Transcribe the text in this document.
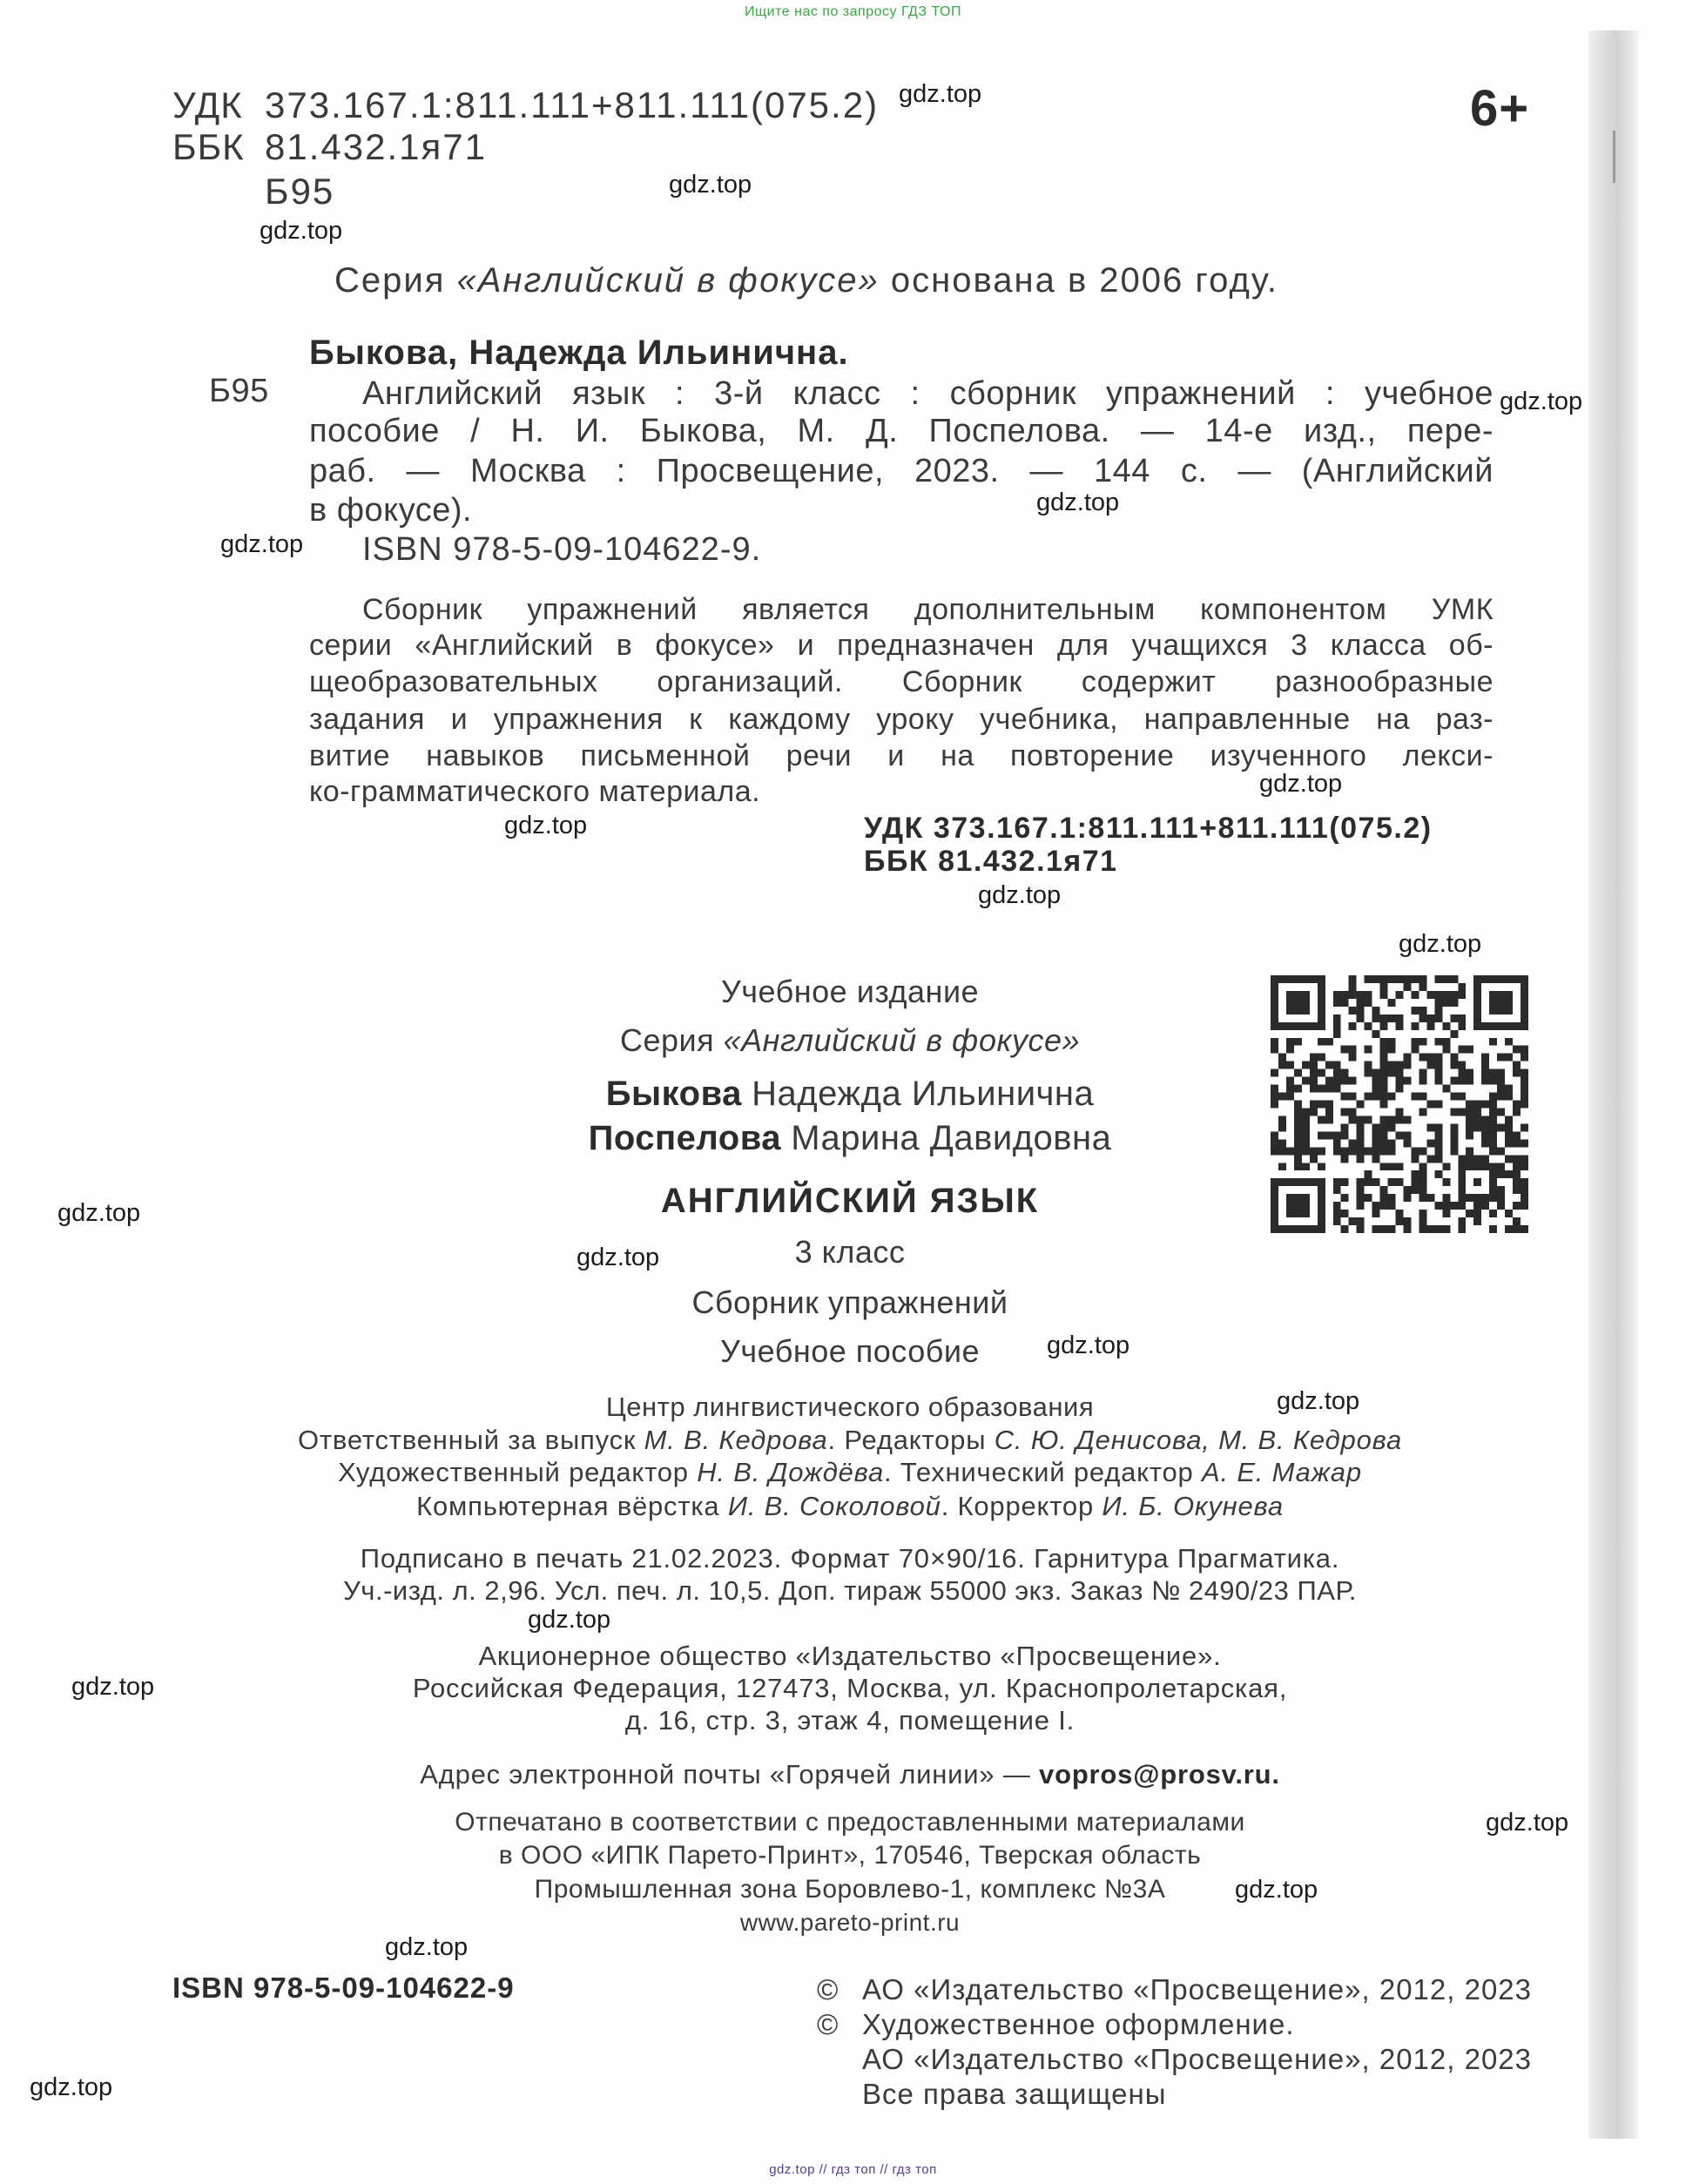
Ищите нас по запросу ГДЗ ТОП
УДК 373.167.1:811.111+811.111(075.2)
ББК 81.432.1я71
Б95
6+
Серия «Английский в фокусе» основана в 2006 году.
Быкова, Надежда Ильинична.
Б95	Английский язык : 3-й класс : сборник упражнений : учебное
пособие / Н. И. Быкова, М. Д. Поспелова. — 14-е изд., пере-
раб. — Москва : Просвещение, 2023. — 144 с. — (Английский
в фокусе).
ISBN 978-5-09-104622-9.
Сборник упражнений является дополнительным компонентом УМК
серии «Английский в фокусе» и предназначен для учащихся 3 класса об-
щеобразовательных организаций. Сборник содержит разнообразные
задания и упражнения к каждому уроку учебника, направленные на раз-
витие навыков письменной речи и на повторение изученного лекси-
ко-грамматического материала.
УДК 373.167.1:811.111+811.111(075.2)
ББК 81.432.1я71
Учебное издание
Серия «Английский в фокусе»
Быкова Надежда Ильинична
Поспелова Марина Давидовна
АНГЛИЙСКИЙ ЯЗЫК
3 класс
Сборник упражнений
Учебное пособие
Центр лингвистического образования
Ответственный за выпуск М. В. Кедрова. Редакторы С. Ю. Денисова, М. В. Кедрова
Художественный редактор Н. В. Дождёва. Технический редактор А. Е. Мажар
Компьютерная вёрстка И. В. Соколовой. Корректор И. Б. Окунева
Подписано в печать 21.02.2023. Формат 70×90/16. Гарнитура Прагматика.
Уч.-изд. л. 2,96. Усл. печ. л. 10,5. Доп. тираж 55000 экз. Заказ № 2490/23 ПАР.
Акционерное общество «Издательство «Просвещение».
Российская Федерация, 127473, Москва, ул. Краснопролетарская,
д. 16, стр. 3, этаж 4, помещение I.
Адрес электронной почты «Горячей линии» — vopros@prosv.ru.
Отпечатано в соответствии с предоставленными материалами
в ООО «ИПК Парето-Принт», 170546, Тверская область
Промышленная зона Боровлево-1, комплекс №3А
www.pareto-print.ru
ISBN 978-5-09-104622-9	© АО «Издательство «Просвещение», 2012, 2023
© Художественное оформление.
АО «Издательство «Просвещение», 2012, 2023
Все права защищены
gdz.top // гдз топ // гдз топ
gdz.top
gdz.top
gdz.top
gdz.top
gdz.top
gdz.top
gdz.top
gdz.top
gdz.top
gdz.top
gdz.top
gdz.top
gdz.top
gdz.top
gdz.top
gdz.top
gdz.top
gdz.top
gdz.top
gdz.top
